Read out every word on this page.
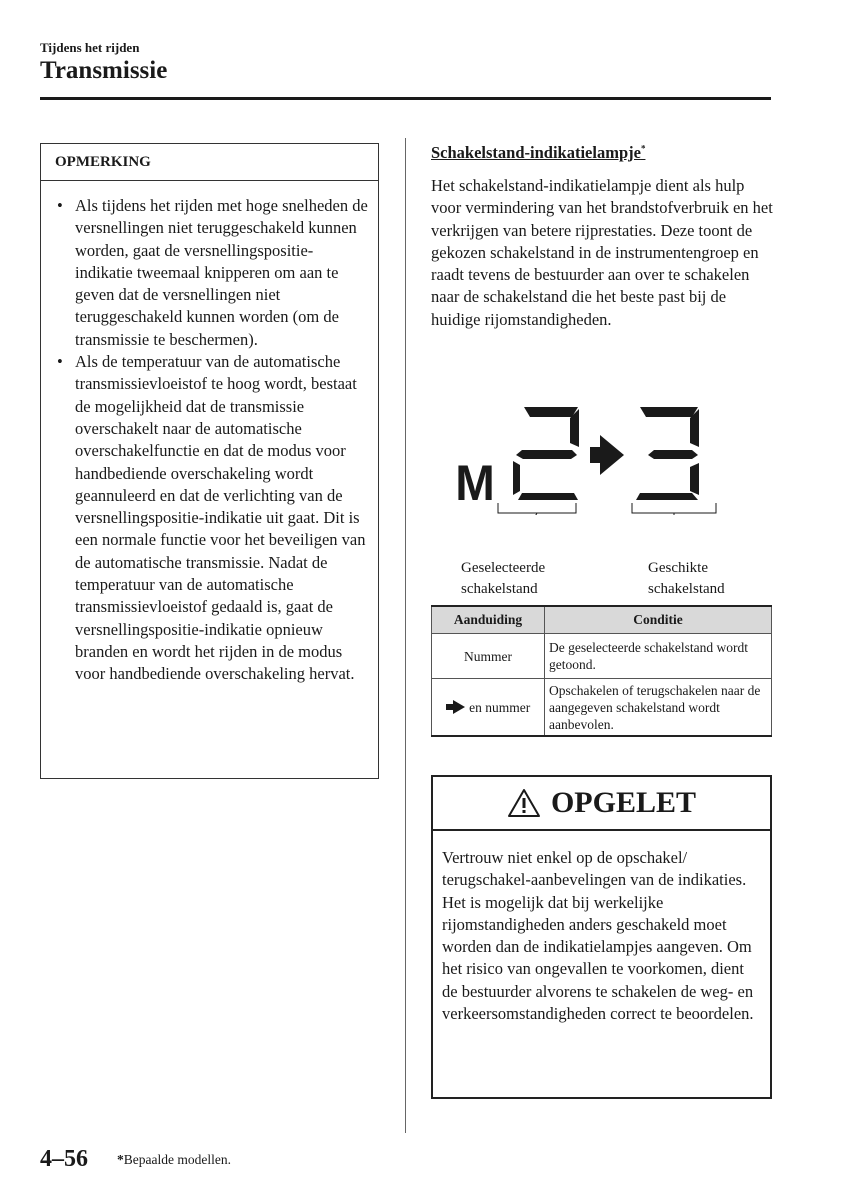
Tijdens het rijden
Transmissie
OPMERKING
• Als tijdens het rijden met hoge snelheden de versnellingen niet teruggeschakeld kunnen worden, gaat de versnellingspositie-indikatie tweemaal knipperen om aan te geven dat de versnellingen niet teruggeschakeld kunnen worden (om de transmissie te beschermen).
• Als de temperatuur van de automatische transmissievloeistof te hoog wordt, bestaat de mogelijkheid dat de transmissie overschakelt naar de automatische overschakelfunctie en dat de modus voor handbediende overschakeling wordt geannuleerd en dat de verlichting van de versnellingspositie-indikatie uit gaat. Dit is een normale functie voor het beveiligen van de automatische transmissie. Nadat de temperatuur van de automatische transmissievloeistof gedaald is, gaat de versnellingspositie-indikatie opnieuw branden en wordt het rijden in de modus voor handbediende overschakeling hervat.
Schakelstand-indikatielampje*

Het schakelstand-indikatielampje dient als hulp voor vermindering van het brandstofverbruik en het verkrijgen van betere rijprestaties. Deze toont de gekozen schakelstand in de instrumentengroep en raadt tevens de bestuurder aan over te schakelen naar de schakelstand die het beste past bij de huidige rijomstandigheden.

M
Geselecteerde
schakelstand
Geschikte
schakelstand
Aanduiding	Conditie
Nummer	De geselecteerde schakelstand wordt getoond.
en nummer	Opschakelen of terugschakelen naar de aangegeven schakelstand wordt aanbevolen.
OPGELET

Vertrouw niet enkel op de opschakel/ terugschakel-aanbevelingen van de indikaties. Het is mogelijk dat bij werkelijke rijomstandigheden anders geschakeld moet worden dan de indikatielampjes aangeven. Om het risico van ongevallen te voorkomen, dient de bestuurder alvorens te schakelen de weg- en verkeersomstandigheden correct te beoordelen.

4–56 *Bepaalde modellen.
